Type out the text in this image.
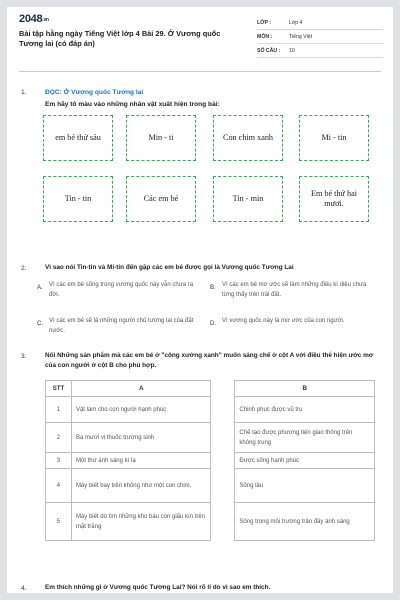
2048.vn
Bài tập hằng ngày Tiếng Việt lớp 4 Bài 29. Ở Vương quốc Tương lai (có đáp án)
LỚP :	Lớp 4
MÔN :	Tiếng Việt
SỐ CÂU :	10
1.	ĐỌC: Ở Vương quốc Tương lai
Em hãy tô màu vào những nhân vật xuất hiện trong bài:
em bé thứ sáu	Min - ti	Con chim xanh	Mi - tin
Tin - tin	Các em bé	Tin - min
Em bé thứ hai mươi.
2.	Vì sao nói Tin-tin và Mi-tin đến gặp các em bé được gọi là Vương quốc Tương Lai
A.	Vì các em bé sống trong vương quốc này vẫn chưa ra đời.
B.	Vì các em bé mơ ước sẽ làm những điều kì diệu chưa từng thấy trên trái đất.
C.	Vì các em bé sẽ là những người chủ tương lai của đất nước.
D.	Vì vương quốc này là mơ ước của con người.
3.	Nối Những sản phẩm mà các em bé ở "công xưởng xanh" muốn sáng chế ở cột A với điều thể hiện ước mơ của con người ở cột B cho phù hợp.
STT	A		B
1	Vật làm cho con người hạnh phúc		Chinh phục được vũ trụ
2	Ba mươi vị thuốc trường sinh		Chế tạo được phương tiện giao thông trên không trung
3	Một thứ ánh sáng kì lạ		Được sống hạnh phúc
4	Máy biết bay trên không như một con chim.		Sống lâu
5	Máy biết dò tìm những kho báu còn giấu kín trên mặt trăng		Sống trong môi trường trần đầy ánh sáng
4.	Em thích những gì ở Vương quốc Tương Lai? Nói rõ lí do vì sao em thích.
